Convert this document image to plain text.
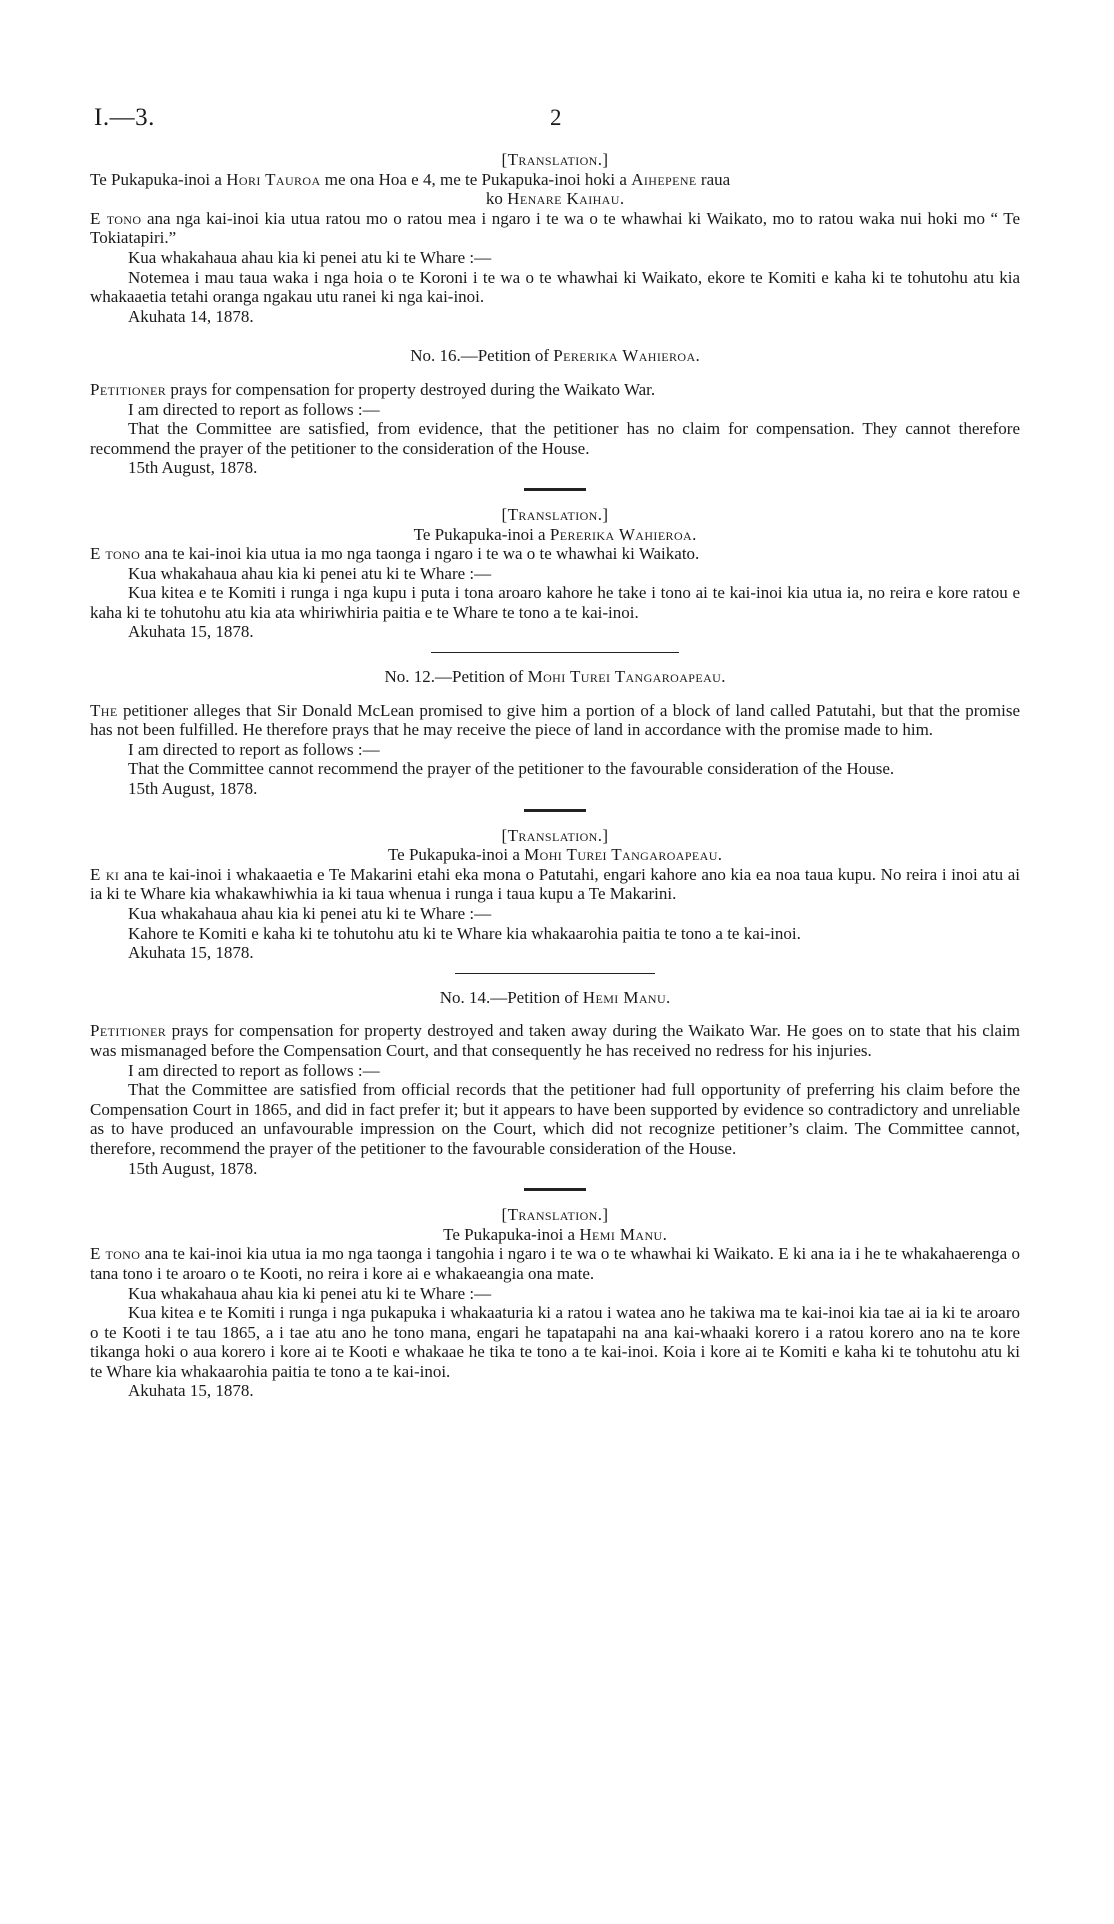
I.—3.	2
[Translation.]

Te Pukapuka-inoi a Hori Tauroa me ona Hoa e 4, me te Pukapuka-inoi hoki a Aihepene raua

ko Henare Kaihau.

E tono ana nga kai-inoi kia utua ratou mo o ratou mea i ngaro i te wa o te whawhai ki Waikato, mo to ratou waka nui hoki mo “ Te Tokiatapiri.”

Kua whakahaua ahau kia ki penei atu ki te Whare :—

Notemea i mau taua waka i nga hoia o te Koroni i te wa o te whawhai ki Waikato, ekore te Komiti e kaha ki te tohutohu atu kia whakaaetia tetahi oranga ngakau utu ranei ki nga kai-inoi.

Akuhata 14, 1878.

No. 16.—Petition of Pererika Wahieroa.

Petitioner prays for compensation for property destroyed during the Waikato War.

I am directed to report as follows :—

That the Committee are satisfied, from evidence, that the petitioner has no claim for compensation. They cannot therefore recommend the prayer of the petitioner to the consideration of the House.

15th August, 1878.

[Translation.]
Te Pukapuka-inoi a Pererika Wahieroa.

E tono ana te kai-inoi kia utua ia mo nga taonga i ngaro i te wa o te whawhai ki Waikato.

Kua whakahaua ahau kia ki penei atu ki te Whare :—

Kua kitea e te Komiti i runga i nga kupu i puta i tona aroaro kahore he take i tono ai te kai-inoi kia utua ia, no reira e kore ratou e kaha ki te tohutohu atu kia ata whiriwhiria paitia e te Whare te tono a te kai-inoi.

Akuhata 15, 1878.

No. 12.—Petition of Mohi Turei Tangaroapeau.

The petitioner alleges that Sir Donald McLean promised to give him a portion of a block of land called Patutahi, but that the promise has not been fulfilled. He therefore prays that he may receive the piece of land in accordance with the promise made to him.

I am directed to report as follows :—

That the Committee cannot recommend the prayer of the petitioner to the favourable consideration of the House.

15th August, 1878.

[Translation.]
Te Pukapuka-inoi a Mohi Turei Tangaroapeau.

E ki ana te kai-inoi i whakaaetia e Te Makarini etahi eka mona o Patutahi, engari kahore ano kia ea noa taua kupu. No reira i inoi atu ai ia ki te Whare kia whakawhiwhia ia ki taua whenua i runga i taua kupu a Te Makarini.

Kua whakahaua ahau kia ki penei atu ki te Whare :—

Kahore te Komiti e kaha ki te tohutohu atu ki te Whare kia whakaarohia paitia te tono a te kai-inoi.

Akuhata 15, 1878.

No. 14.—Petition of Hemi Manu.

Petitioner prays for compensation for property destroyed and taken away during the Waikato War. He goes on to state that his claim was mismanaged before the Compensation Court, and that consequently he has received no redress for his injuries.

I am directed to report as follows :—

That the Committee are satisfied from official records that the petitioner had full opportunity of preferring his claim before the Compensation Court in 1865, and did in fact prefer it; but it appears to have been supported by evidence so contradictory and unreliable as to have produced an unfavourable impression on the Court, which did not recognize petitioner’s claim. The Committee cannot, therefore, recommend the prayer of the petitioner to the favourable consideration of the House.

15th August, 1878.

[Translation.]
Te Pukapuka-inoi a Hemi Manu.

E tono ana te kai-inoi kia utua ia mo nga taonga i tangohia i ngaro i te wa o te whawhai ki Waikato. E ki ana ia i he te whakahaerenga o tana tono i te aroaro o te Kooti, no reira i kore ai e whakaeangia ona mate.

Kua whakahaua ahau kia ki penei atu ki te Whare :—

Kua kitea e te Komiti i runga i nga pukapuka i whakaaturia ki a ratou i watea ano he takiwa ma te kai-inoi kia tae ai ia ki te aroaro o te Kooti i te tau 1865, a i tae atu ano he tono mana, engari he tapatapahi na ana kai-whaaki korero i a ratou korero ano na te kore tikanga hoki o aua korero i kore ai te Kooti e whakaae he tika te tono a te kai-inoi. Koia i kore ai te Komiti e kaha ki te tohutohu atu ki te Whare kia whakaarohia paitia te tono a te kai-inoi.

Akuhata 15, 1878.
